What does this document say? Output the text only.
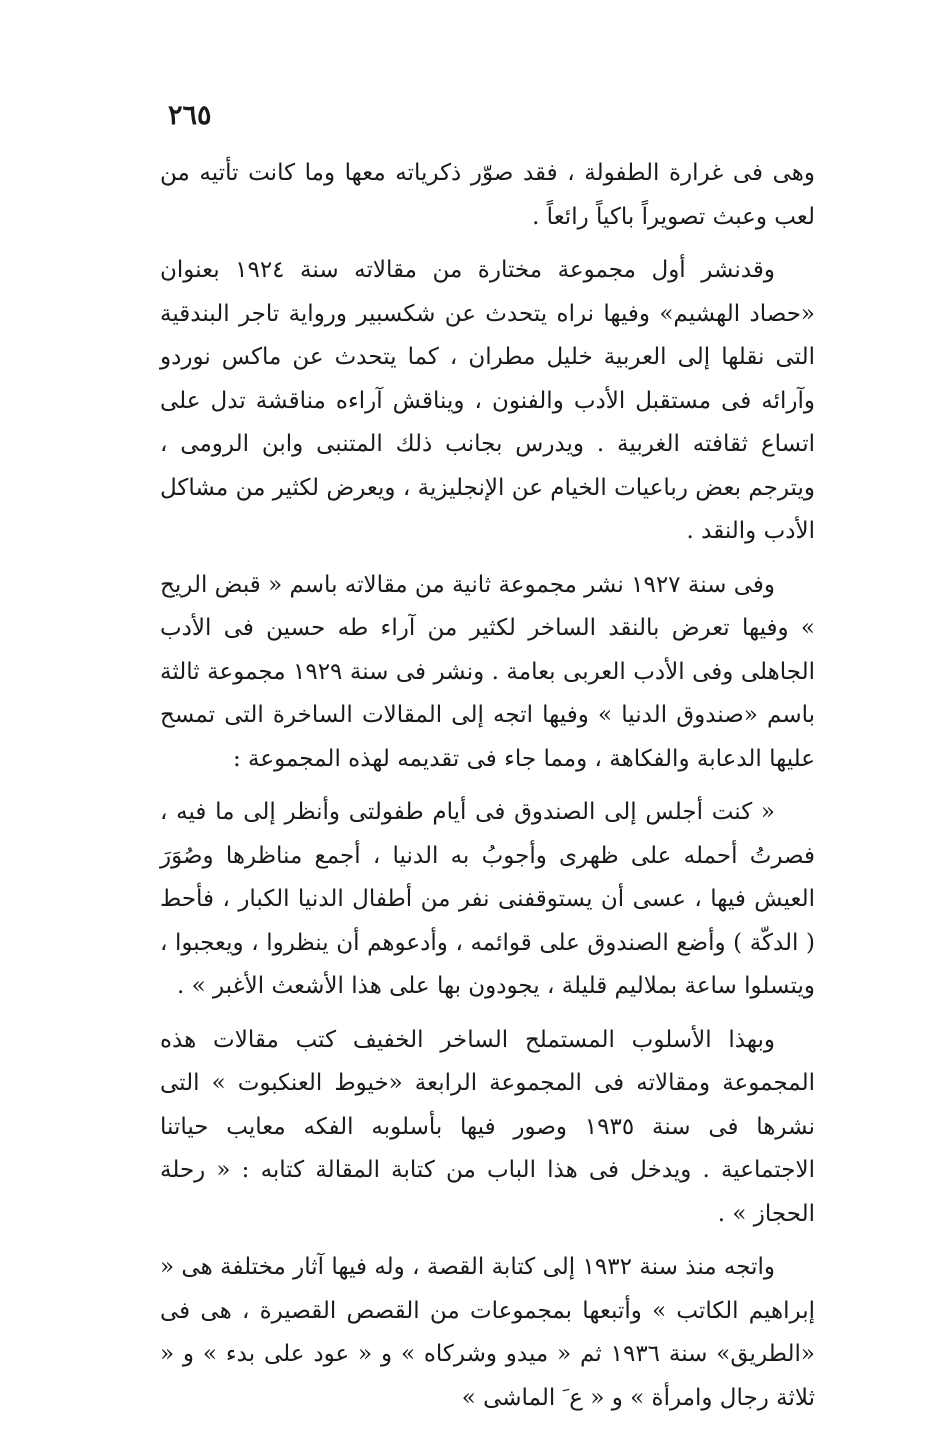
٢٦٥

وهى فى غرارة الطفولة ، فقد صوّر ذكرياته معها وما كانت تأتيه من لعب وعبث تصويراً باكياً رائعاً .

وقدنشر أول مجموعة مختارة من مقالاته سنة ١٩٢٤ بعنوان «حصاد الهشيم» وفيها نراه يتحدث عن شكسبير ورواية تاجر البندقية التى نقلها إلى العربية خليل مطران ، كما يتحدث عن ماكس نوردو وآرائه فى مستقبل الأدب والفنون ، ويناقش آراءه مناقشة تدل على اتساع ثقافته الغربية . ويدرس بجانب ذلك المتنبى وابن الرومى ، ويترجم بعض رباعيات الخيام عن الإنجليزية ، ويعرض لكثير من مشاكل الأدب والنقد .

وفى سنة ١٩٢٧ نشر مجموعة ثانية من مقالاته باسم « قبض الريح » وفيها تعرض بالنقد الساخر لكثير من آراء طه حسين فى الأدب الجاهلى وفى الأدب العربى بعامة . ونشر فى سنة ١٩٢٩ مجموعة ثالثة باسم «صندوق الدنيا » وفيها اتجه إلى المقالات الساخرة التى تمسح عليها الدعابة والفكاهة ، ومما جاء فى تقديمه لهذه المجموعة :

« كنت أجلس إلى الصندوق فى أيام طفولتى وأنظر إلى ما فيه ، فصرتُ أحمله على ظهرى وأجوبُ به الدنيا ، أجمع مناظرها وصُوَرَ العيش فيها ، عسى أن يستوقفنى نفر من أطفال الدنيا الكبار ، فأحط ( الدكّة ) وأضع الصندوق على قوائمه ، وأدعوهم أن ينظروا ، ويعجبوا ، ويتسلوا ساعة بملاليم قليلة ، يجودون بها على هذا الأشعث الأغبر » .

وبهذا الأسلوب المستملح الساخر الخفيف كتب مقالات هذه المجموعة ومقالاته فى المجموعة الرابعة «خيوط العنكبوت » التى نشرها فى سنة ١٩٣٥ وصور فيها بأسلوبه الفكه معايب حياتنا الاجتماعية . ويدخل فى هذا الباب من كتابة المقالة كتابه : « رحلة الحجاز » .

واتجه منذ سنة ١٩٣٢ إلى كتابة القصة ، وله فيها آثار مختلفة هى « إبراهيم الكاتب » وأتبعها بمجموعات من القصص القصيرة ، هى فى «الطريق» سنة ١٩٣٦ ثم « ميدو وشركاه » و « عود على بدء » و « ثلاثة رجال وامرأة » و « ع َ الماشى »
